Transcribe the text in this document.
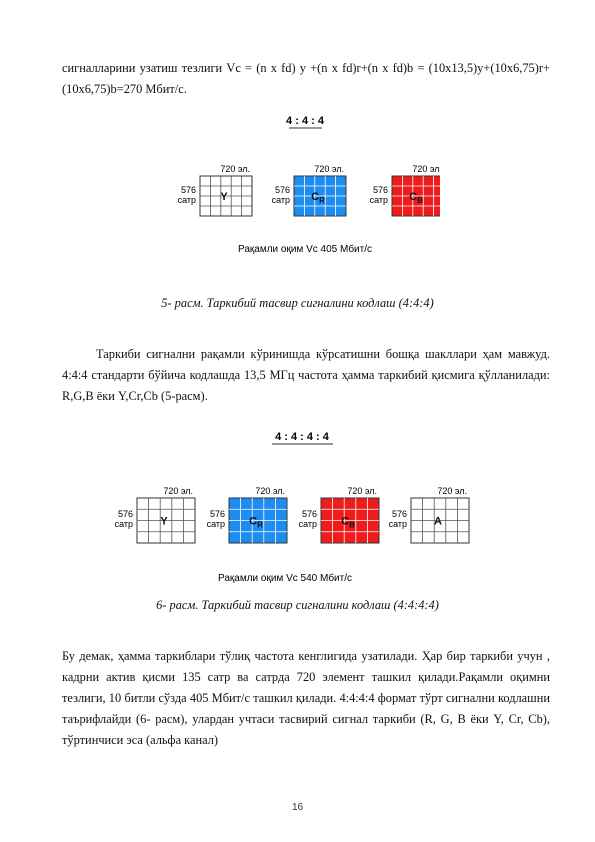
сигналларини узатиш тезлиги Vc = (n x fd) y +(n x fd)r+(n x fd)b = (10х13,5)у+(10х6,75)r+(10х6,75)b=270 Мбит/с.

4 : 4 : 4
Рақамли оқим Vc 405 Мбит/с
720 эл.
576
сатр Y
720 эл.
576
сатр $C_R$
720 эл.
576
сатр $C_B$
5- расм. Таркибий тасвир сигналини кодлаш (4:4:4)

Таркиби сигнални рақамли кўринишда кўрсатишни бошқа шакллари ҳам мавжуд. 4:4:4 стандарти бўйича кодлашда 13,5 МГц частота ҳамма таркибий қисмига қўлланилади: R,G,B ёки Y,Cr,Cb (5-расм).

4 : 4 : 4 : 4
Рақамли оқим Vc 540 Мбит/с
720 эл.
576
сатр Y
720 эл.
576
сатр $C_R$
720 эл.
576
сатр $C_B$
720 эл.
576
сатр A
6- расм. Таркибий тасвир сигналини кодлаш (4:4:4:4)

Бу демак, ҳамма таркиблари тўлиқ частота кенглигида узатилади. Ҳар бир таркиби учун , кадрни актив қисми 135 сатр ва сатрда 720 элемент ташкил қилади.Рақамли оқимни тезлиги, 10 битли сўзда 405 Мбит/с ташкил қилади. 4:4:4:4 формат тўрт сигнални кодлашни таърифлайди (6- расм), улардан учтаси тасвирий сигнал таркиби (R, G, B ёки Y, Cr, Cb), тўртинчиси эса (альфа канал)

16
